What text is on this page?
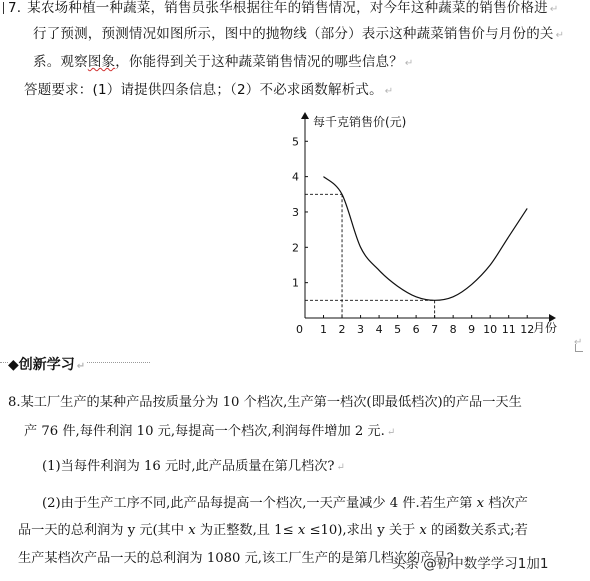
7. 某农场种植一种蔬菜，销售员张华根据往年的销售情况，对今年这种蔬菜的销售价格进 ↵
行了预测，预测情况如图所示，图中的抛物线（部分）表示这种蔬菜销售价与月份的关 ↵
系。观察图象，你能得到关于这种蔬菜销售情况的哪些信息？ ↵
答题要求：(1）请提供四条信息；（2）不必求函数解析式。 ↵
1 2 3 4 5 6 7 8 9 10 11 12
1
2
3
4
5
每千克销售价(元)
月份
0
↵
◆创新学习 ↵
8.某工厂生产的某种产品按质量分为 10 个档次,生产第一档次(即最低档次)的产品一天生
产 76 件,每件利润 10 元,每提高一个档次,利润每件增加 2 元. ↵
(1)当每件利润为 16 元时,此产品质量在第几档次? ↵
(2)由于生产工序不同,此产品每提高一个档次,一天产量减少 4 件.若生产第 x 档次产
品一天的总利润为 y 元(其中 x 为正整数,且 1≤ x ≤10),求出 y 关于 x 的函数关系式;若
生产某档次产品一天的总利润为 1080 元,该工厂生产的是第几档次的产品?
头条 @初中数学学习1加1
